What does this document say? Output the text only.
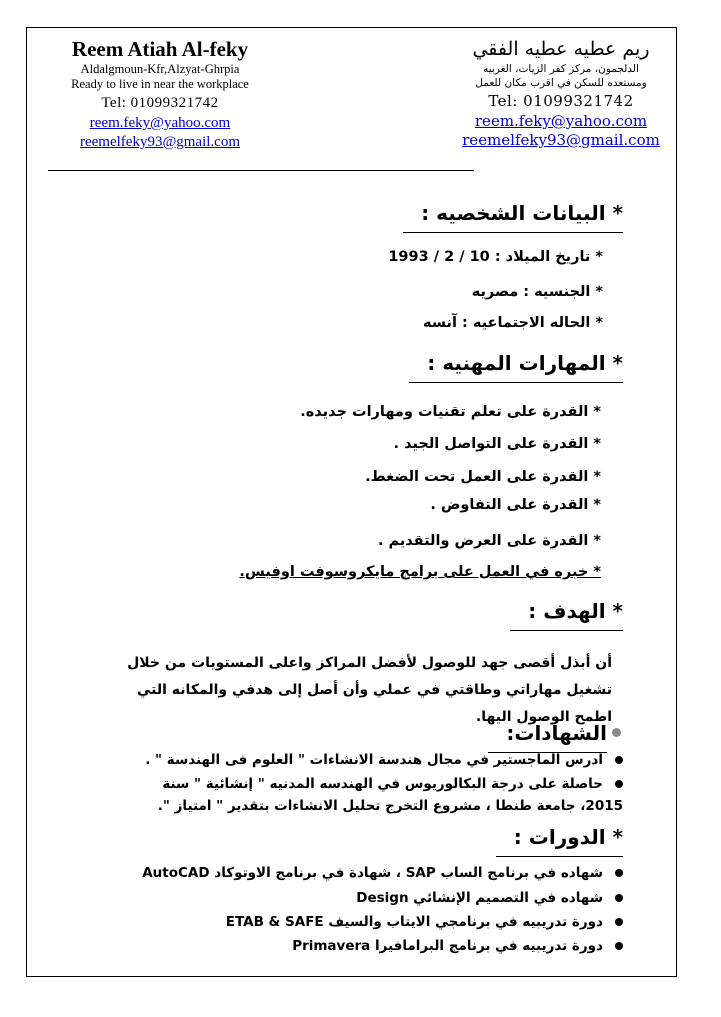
Reem Atiah Al-feky
Aldalgmoun-Kfr,Alzyat-Ghrpia
Ready to live in near the workplace
Tel: 01099321742
reem.feky@yahoo.com
reemelfeky93@gmail.com
ريم عطيه عطيه الفقي
الدلجمون، مركز كفر الزيات، الغربيه
ومستعده للسكن في اقرب مكان للعمل
Tel: 01099321742
reem.feky@yahoo.com
reemelfeky93@gmail.com
* البيانات الشخصيه :
* تاريخ الميلاد : 10 / 2 / 1993
* الجنسيه : مصريه
* الحاله الاجتماعيه : آنسه
* المهارات المهنيه :
* القدرة على تعلم تقنيات ومهارات جديده.
* القدرة على التواصل الجيد .
* القدرة على العمل تحت الضغط.
* القدرة على التفاوض .
* القدرة على العرض والتقديم .
* خبره في العمل على برامج مايكروسوفت اوفيس.
* الهدف :
أن أبذل أقصى جهد للوصول لأفضل المراكز واعلى المستويات من خلال تشغيل مهاراتي وطاقتي في عملي وأن أصل إلى هدفي والمكانه التي اطمح الوصول اليها.
الشهادات:
ادرس الماجستير في مجال هندسة الانشاءات " العلوم فى الهندسة " .
حاصلة على درجة البكالوريوس في الهندسه المدنيه " إنشائية " سنة 2015، جامعة طنطا ، مشروع التخرج تحليل الانشاءات بتقدير " امتياز ".
* الدورات :
شهاده في برنامج الساب SAP ، شهادة في برنامج الاوتوكاد AutoCAD
شهاده في التصميم الإنشائي Design
دورة تدريبيه في برنامجي الايتاب والسيف ETAB & SAFE
دورة تدريبيه في برنامج البرامافيرا Primavera
